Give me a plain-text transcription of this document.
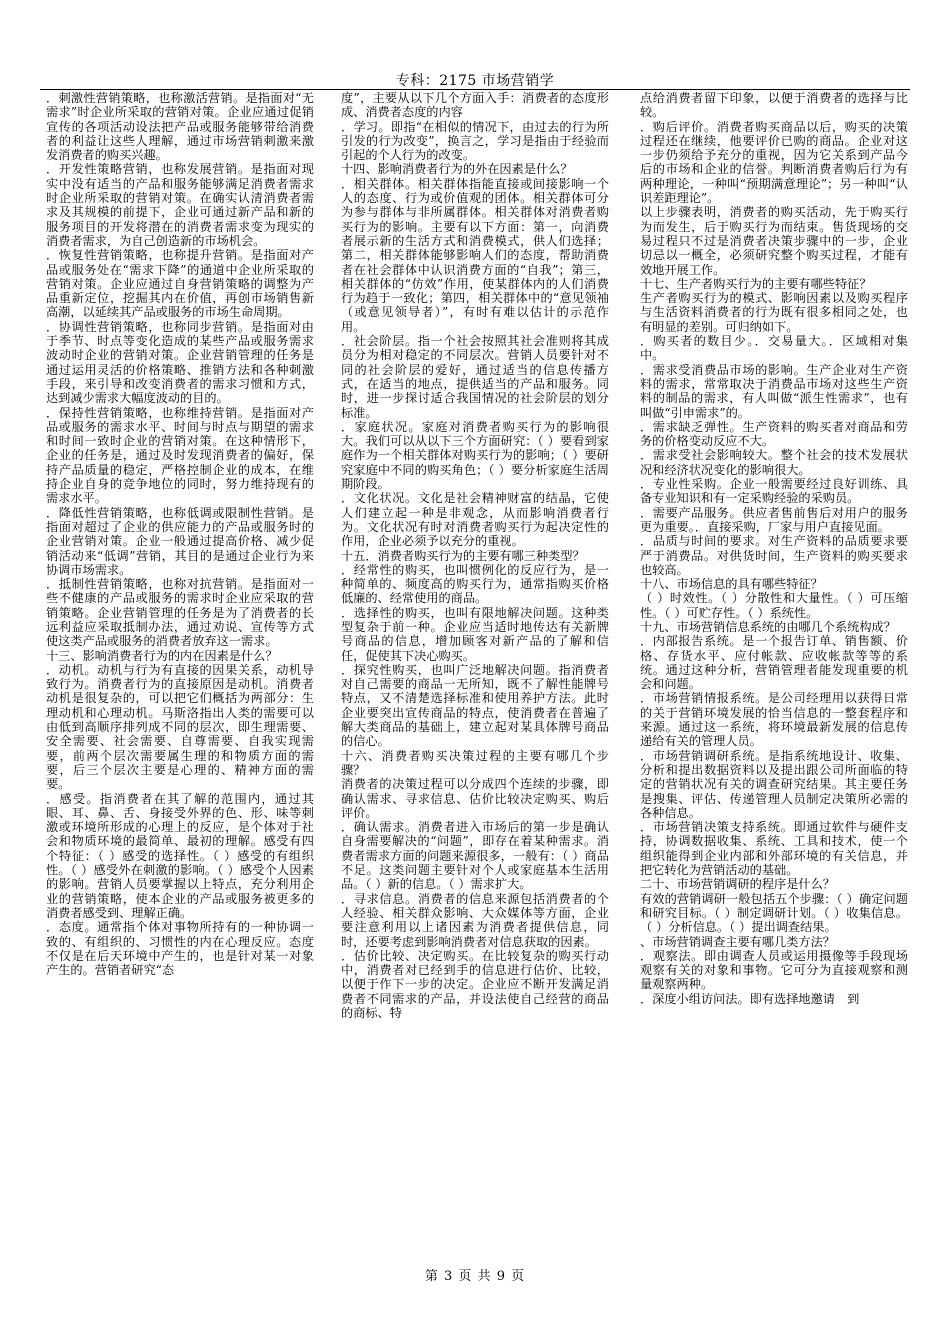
专科：2175 市场营销学

．刺激性营销策略，也称激活营销。是指面对“无需求”时企业所采取的营销对策。企业应通过促销宣传的各项活动设法把产品或服务能够带给消费者的利益让这些人理解，通过市场营销刺激来激发消费者的购买兴趣。

．开发性策略营销，也称发展营销。是指面对现实中没有适当的产品和服务能够满足消费者需求时企业所采取的营销对策。在确实认清消费者需求及其规模的前提下，企业可通过新产品和新的服务项目的开发将潜在的消费者需求变为现实的消费者需求，为自己创造新的市场机会。

．恢复性营销策略，也称提升营销。是指面对产品或服务处在“需求下降”的通道中企业所采取的营销对策。企业应通过自身营销策略的调整为产品重新定位，挖掘其内在价值，再创市场销售新高潮，以延续其产品或服务的市场生命周期。

．协调性营销策略，也称同步营销。是指面对由于季节、时点等变化造成的某些产品或服务需求波动时企业的营销对策。企业营销管理的任务是通过运用灵活的价格策略、推销方法和各种刺激手段，来引导和改变消费者的需求习惯和方式，达到减少需求大幅度波动的目的。

．保持性营销策略，也称维持营销。是指面对产品或服务的需求水平、时间与时点与期望的需求和时间一致时企业的营销对策。在这种情形下，企业的任务是，通过及时发现消费者的偏好，保持产品质量的稳定，严格控制企业的成本，在维持企业自身的竞争地位的同时，努力维持现有的需求水平。

．降低性营销策略，也称低调或限制性营销。是指面对超过了企业的供应能力的产品或服务时的企业营销对策。企业一般通过提高价格、减少促销活动来“低调”营销，其目的是通过企业行为来协调市场需求。

．抵制性营销策略，也称对抗营销。是指面对一些不健康的产品或服务的需求时企业应采取的营销策略。企业营销管理的任务是为了消费者的长远利益应采取抵制办法，通过劝说、宣传等方式使这类产品或服务的消费者放弃这一需求。

十三、影响消费者行为的内在因素是什么？

．动机。动机与行为有直接的因果关系，动机导致行为。消费者行为的直接原因是动机。消费者动机是很复杂的，可以把它们概括为两部分：生理动机和心理动机。马斯洛指出人类的需要可以由低到高顺序排列成不同的层次，即生理需要、安全需要、社会需要、自尊需要、自我实现需要，前两个层次需要属生理的和物质方面的需要，后三个层次主要是心理的、精神方面的需要。

．感受。指消费者在其了解的范围内，通过其眼、耳、鼻、舌、身接受外界的色、形、味等刺激或环境所形成的心理上的反应，是个体对于社会和物质环境的最简单、最初的理解。感受有四个特征：（ ）感受的选择性。（ ）感受的有组织性。（ ）感受外在刺激的影响。（ ）感受个人因素的影响。营销人员要掌握以上特点，充分利用企业的营销策略，使本企业的产品或服务被更多的消费者感受到、理解正确。

．态度。通常指个体对事物所持有的一种协调一致的、有组织的、习惯性的内在心理反应。态度不仅是在后天环境中产生的，也是针对某一对象产生的。营销者研究“态

度”，主要从以下几个方面入手：消费者的态度形成、消费者态度的内容

．学习。即指“在相似的情况下，由过去的行为所引发的行为改变”，换言之，学习是指由于经验而引起的个人行为的改变。

十四、影响消费者行为的外在因素是什么？

．相关群体。相关群体指能直接或间接影响一个人的态度、行为或价值观的团体。相关群体可分为参与群体与非所属群体。相关群体对消费者购买行为的影响。主要有以下方面：第一，向消费者展示新的生活方式和消费模式，供人们选择；第二，相关群体能够影响人们的态度，帮助消费者在社会群体中认识消费方面的“自我”；第三，相关群体的“仿效”作用，使某群体内的人们消费行为趋于一致化；第四，相关群体中的“意见领袖（或意见领导者）”，有时有难以估计的示范作用。

．社会阶层。指一个社会按照其社会准则将其成员分为相对稳定的不同层次。营销人员要针对不同的社会阶层的爱好，通过适当的信息传播方式，在适当的地点，提供适当的产品和服务。同时，进一步探讨适合我国情况的社会阶层的划分标准。

．家庭状况。家庭对消费者购买行为的影响很大。我们可以从以下三个方面研究：（ ）要看到家庭作为一个相关群体对购买行为的影响；（ ）要研究家庭中不同的购买角色；（ ）要分析家庭生活周期阶段。

．文化状况。文化是社会精神财富的结晶，它使人们建立起一种是非观念，从而影响消费者行为。文化状况有时对消费者购买行为起决定性的作用，企业必须予以充分的重视。

十五．消费者购买行为的主要有哪三种类型？

．经常性的购买，也叫惯例化的反应行为，是一种简单的、频度高的购买行为，通常指购买价格低廉的、经常使用的商品。

．选择性的购买，也叫有限地解决问题。这种类型复杂于前一种。企业应当适时地传达有关新牌号商品的信息，增加顾客对新产品的了解和信任，促使其下决心购买。

．探究性购买，也叫广泛地解决问题。指消费者对自己需要的商品一无所知，既不了解性能牌号特点，又不清楚选择标准和使用养护方法。此时企业要突出宣传商品的特点，使消费者在普遍了解大类商品的基础上，建立起对某具体牌号商品的信心。

十六、消费者购买决策过程的主要有哪几个步骤？

消费者的决策过程可以分成四个连续的步骤，即确认需求、寻求信息、估价比较决定购买、购后评价。

．确认需求。消费者进入市场后的第一步是确认自身需要解决的“问题”，即存在着某种需求。消费者需求方面的问题来源很多，一般有：（ ）商品不足。这类问题主要针对个人或家庭基本生活用品。（ ）新的信息。（ ）需求扩大。

．寻求信息。消费者的信息来源包括消费者的个人经验、相关群众影响、大众媒体等方面，企业要注意利用以上诸因素为消费者提供信息，同时，还要考虑到影响消费者对信息获取的因素。

．估价比较、决定购买。在比较复杂的购买行动中，消费者对已经到手的信息进行估价、比较，以便于作下一步的决定。企业应不断开发满足消费者不同需求的产品，并设法使自己经营的商品的商标、特

点给消费者留下印象，以便于消费者的选择与比较。

．购后评价。消费者购买商品以后，购买的决策过程还在继续，他要评价已购的商品。企业对这一步仍须给予充分的重视，因为它关系到产品今后的市场和企业的信誉。判断消费者购后行为有两种理论，一种叫“预期满意理论”；另一种叫“认识差距理论”。

以上步骤表明，消费者的购买活动，先于购买行为而发生，后于购买行为而结束。售货现场的交易过程只不过是消费者决策步骤中的一步，企业切忌以一概全，必须研究整个购买过程，才能有效地开展工作。

十七、生产者购买行为的主要有哪些特征？

生产者购买行为的模式、影响因素以及购买程序与生活资料消费者的行为既有很多相同之处，也有明显的差别。可归纳如下。

．购买者的数目少。．交易量大。．区域相对集中。

．需求受消费品市场的影响。生产企业对生产资料的需求，常常取决于消费品市场对这些生产资料的制品的需求，有人叫做“派生性需求”，也有叫做“引申需求”的。

．需求缺乏弹性。生产资料的购买者对商品和劳务的价格变动反应不大。

．需求受社会影响较大。整个社会的技术发展状况和经济状况变化的影响很大。

．专业性采购。企业一般需要经过良好训练、具备专业知识和有一定采购经验的采购员。

．需要产品服务。供应者售前售后对用户的服务更为重要。．直接采购，厂家与用户直接见面。

．品质与时间的要求。对生产资料的品质要求要严于消费品。对供货时间，生产资料的购买要求也较高。

十八、市场信息的具有哪些特征？

（ ）时效性。（ ）分散性和大量性。（ ）可压缩性。（ ）可贮存性。（ ）系统性。

十九、市场营销信息系统的由哪几个系统构成？

．内部报告系统。是一个报告订单、销售额、价格、存货水平、应付帐款、应收帐款等等的系统。通过这种分析，营销管理者能发现重要的机会和问题。

．市场营销情报系统。是公司经理用以获得日常的关于营销环境发展的恰当信息的一整套程序和来源。通过这一系统，将环境最新发展的信息传递给有关的管理人员。

．市场营销调研系统。是指系统地设计、收集、分析和提出数据资料以及提出跟公司所面临的特定的营销状况有关的调查研究结果。其主要任务是搜集、评估、传递管理人员制定决策所必需的各种信息。

．市场营销决策支持系统。即通过软件与硬件支持，协调数据收集、系统、工具和技术，使一个组织能得到企业内部和外部环境的有关信息，并把它转化为营销活动的基础。

二十、市场营销调研的程序是什么？

有效的营销调研一般包括五个步骤：（ ）确定问题和研究目标。（ ）制定调研计划。（ ）收集信息。（ ）分析信息。（ ）提出调查结果。

、市场营销调查主要有哪几类方法？

．观察法。即由调查人员或运用摄像等手段现场观察有关的对象和事物。它可分为直接观察和测量观察两种。

．深度小组访问法。即有选择地邀请　到

第 3 页 共 9 页
